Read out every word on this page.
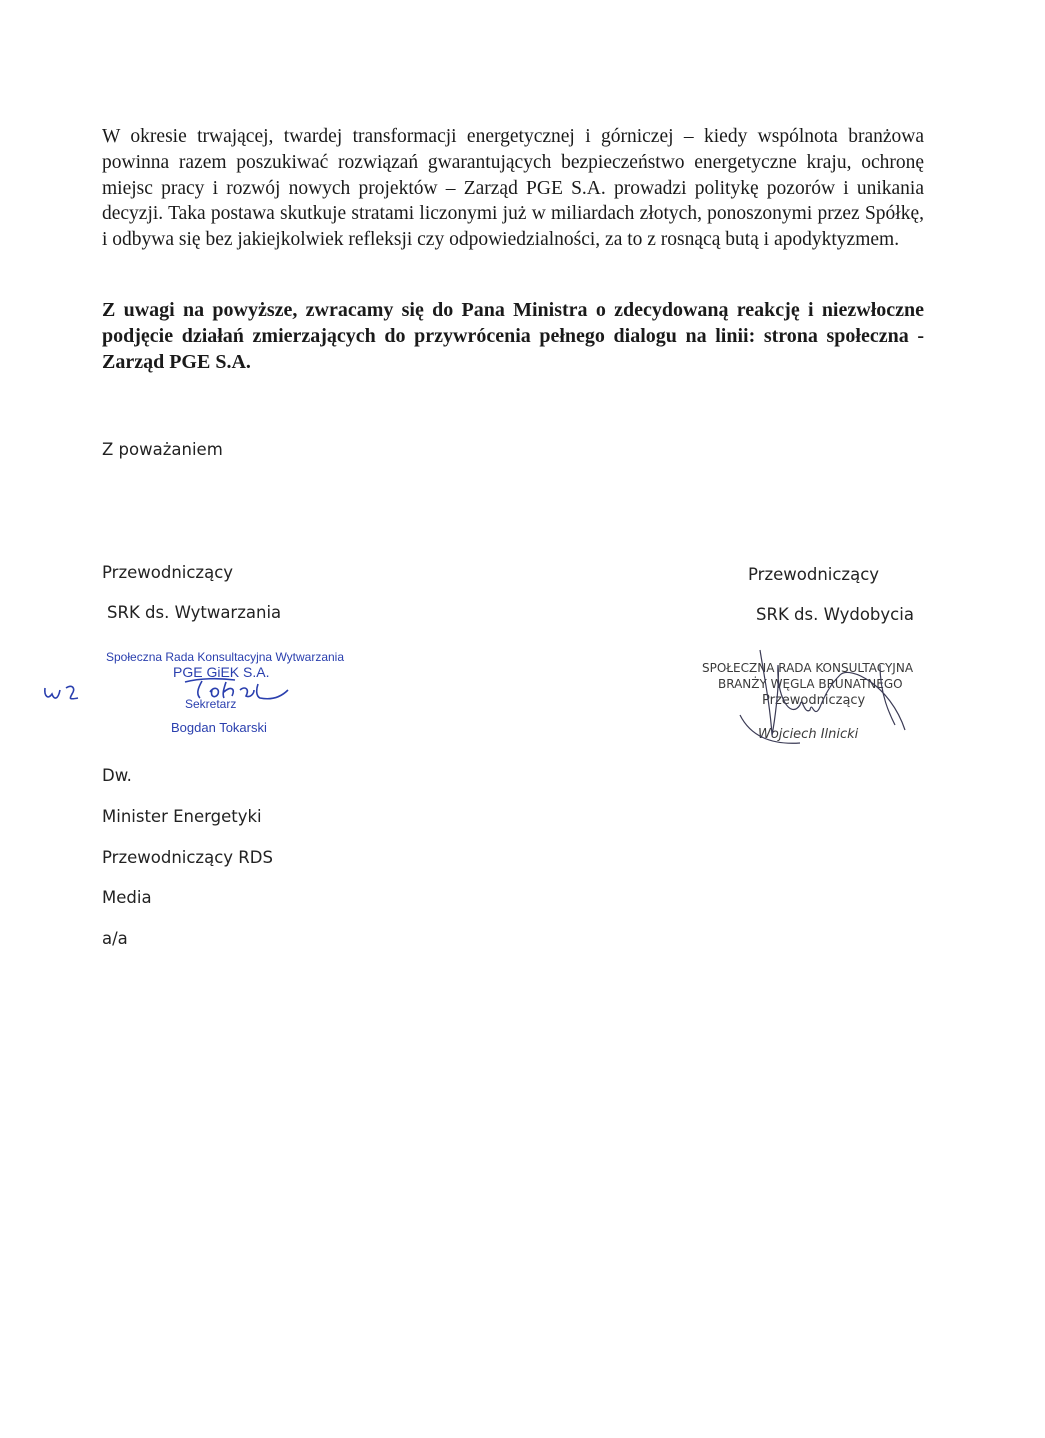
W okresie trwającej, twardej transformacji energetycznej i górniczej – kiedy wspólnota branżowa powinna razem poszukiwać rozwiązań gwarantujących bezpieczeństwo energetyczne kraju, ochronę miejsc pracy i rozwój nowych projektów – Zarząd PGE S.A. prowadzi politykę pozorów i unikania decyzji. Taka postawa skutkuje stratami liczonymi już w miliardach złotych, ponoszonymi przez Spółkę, i odbywa się bez jakiejkolwiek refleksji czy odpowiedzialności, za to z rosnącą butą i apodyktyzmem.

Z uwagi na powyższe, zwracamy się do Pana Ministra o zdecydowaną reakcję i niezwłoczne podjęcie działań zmierzających do przywrócenia pełnego dialogu na linii: strona społeczna - Zarząd PGE S.A.

Z poważaniem
Przewodniczący
SRK ds. Wytwarzania
Społeczna Rada Konsultacyjna Wytwarzania
PGE GiEK S.A.
Sekretarz
Bogdan Tokarski
Przewodniczący
SRK ds. Wydobycia
SPOŁECZNA RADA KONSULTACYJNA
BRANŻY WĘGLA BRUNATNEGO
Przewodniczący
Wojciech Ilnicki
Dw.
Minister Energetyki
Przewodniczący RDS
Media
a/a
